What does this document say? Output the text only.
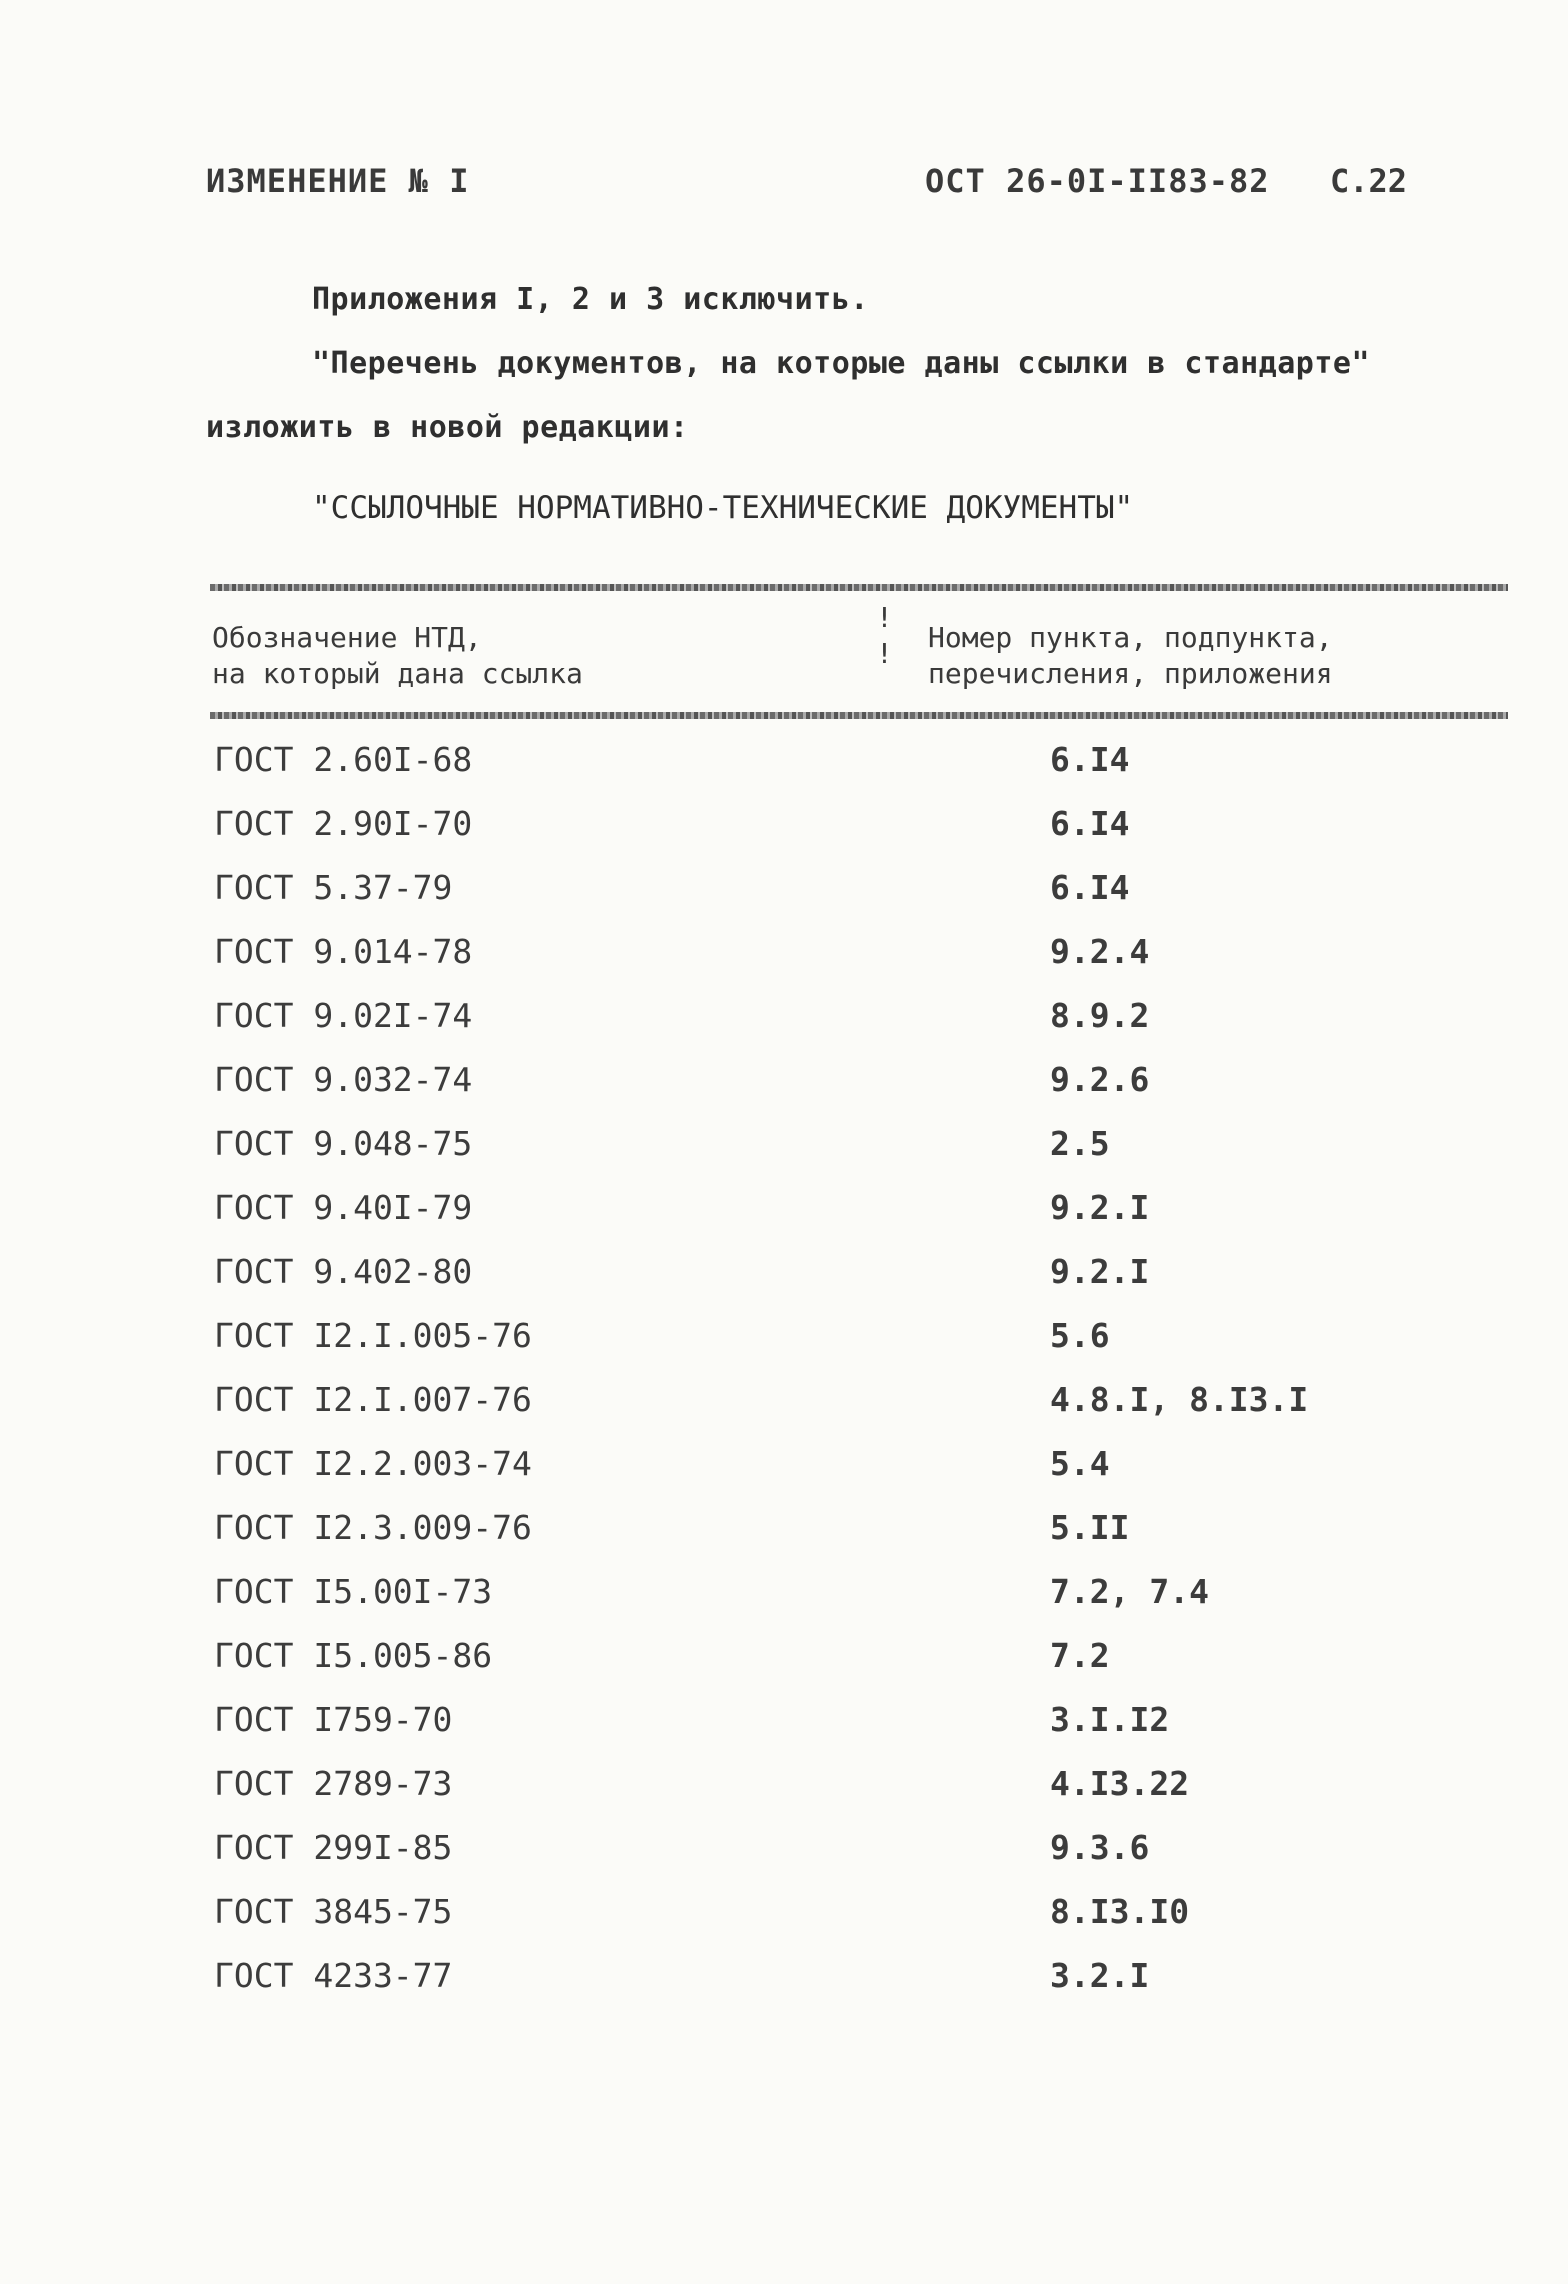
ИЗМЕНЕНИЕ № I	ОСТ 26-0I-II83-82 С.22
Приложения I, 2 и 3 исключить.
"Перечень документов, на которые даны ссылки в стандарте"
изложить в новой редакции:
"ССЫЛОЧНЫЕ НОРМАТИВНО-ТЕХНИЧЕСКИЕ ДОКУМЕНТЫ"
Обозначение НТД,
на который дана ссылка
!
! Номер пункта, подпункта,
перечисления, приложения
ГОСТ 2.60I-68	6.I4
ГОСТ 2.90I-70	6.I4
ГОСТ 5.37-79	6.I4
ГОСТ 9.014-78	9.2.4
ГОСТ 9.02I-74	8.9.2
ГОСТ 9.032-74	9.2.6
ГОСТ 9.048-75	2.5
ГОСТ 9.40I-79	9.2.I
ГОСТ 9.402-80	9.2.I
ГОСТ I2.I.005-76	5.6
ГОСТ I2.I.007-76	4.8.I, 8.I3.I
ГОСТ I2.2.003-74	5.4
ГОСТ I2.3.009-76	5.II
ГОСТ I5.00I-73	7.2, 7.4
ГОСТ I5.005-86	7.2
ГОСТ I759-70	3.I.I2
ГОСТ 2789-73	4.I3.22
ГОСТ 299I-85	9.3.6
ГОСТ 3845-75	8.I3.I0
ГОСТ 4233-77	3.2.I
